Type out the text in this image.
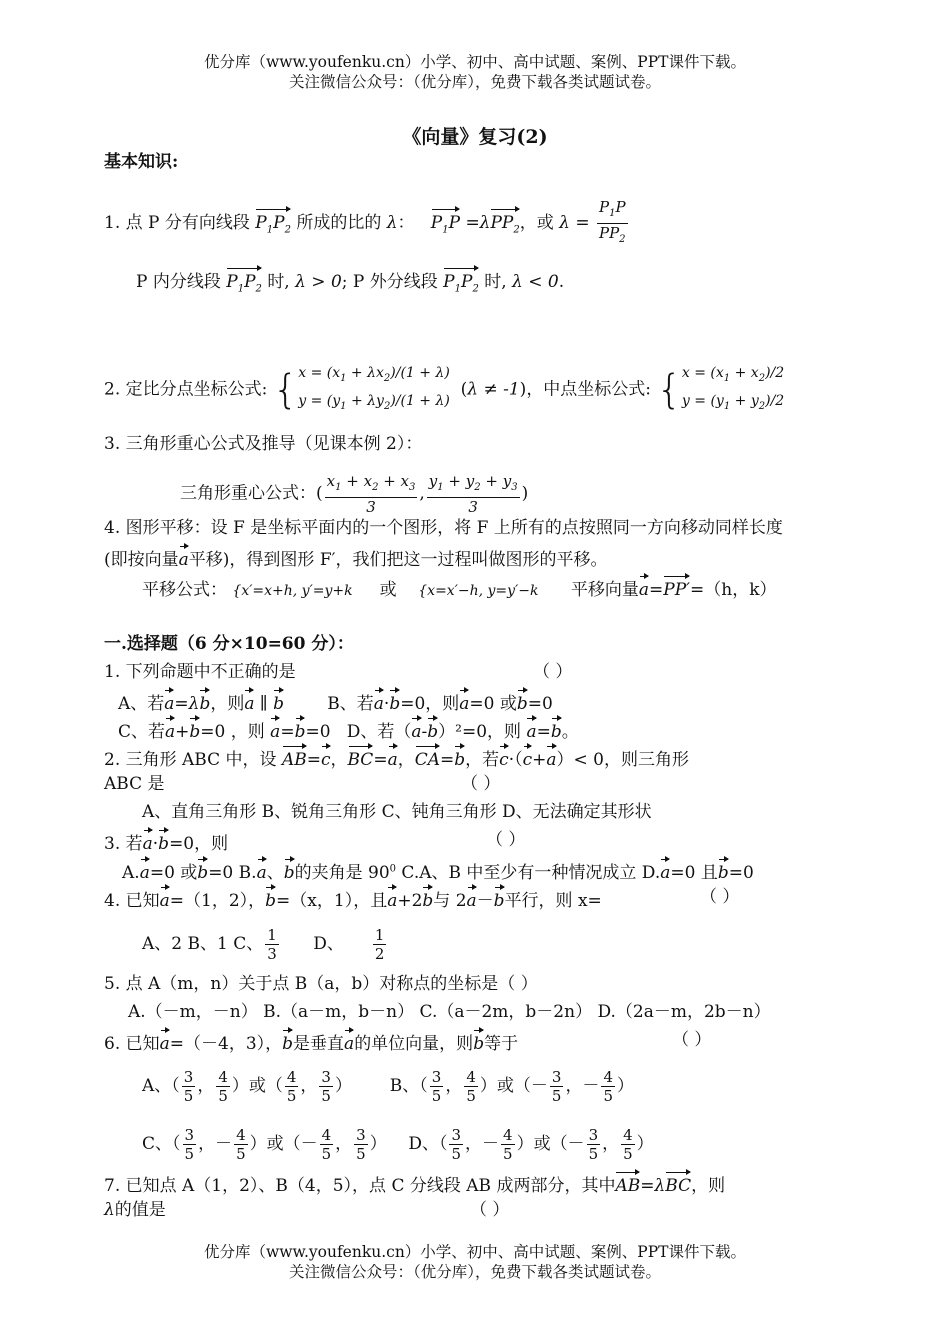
优分库（www.youfenku.cn）小学、初中、高中试题、案例、PPT课件下载。
关注微信公众号：（优分库），免费下载各类试题试卷。
《向量》复习(2)
基本知识:
1. 点 P 分有向线段 $P_1P_2$ 所成的比的 λ：   $P_1P =\lambda PP_2$，或 $\lambda = \frac{P_1P}{PP_2}$
P 内分线段 $P_1P_2$ 时, λ > 0; P 外分线段 $P_1P_2$ 时, λ < 0.
2. 定比分点坐标公式: {$x = (x_1 + \lambda x_2)/(1 + \lambda)$
$y = (y_1 + \lambda y_2)/(1 + \lambda) (\lambda \ne -1)$，中点坐标公式: {$x = (x_1 + x_2)/2$
$y = (y_1 + y_2)/2$
3. 三角形重心公式及推导（见课本例 2）：
三角形重心公式：( $\frac{x_1 + x_2 + x_3}{3}$ , $\frac{y_1 + y_2 + y_3}{3}$ )
4. 图形平移：设 F 是坐标平面内的一个图形，将 F 上所有的点按照同一方向移动同样长度
(即按向量a平移)，得到图形 F′，我们把这一过程叫做图形的平移。
平移公式： {x′=x+h, y′=y+k 或 {x=x′−h, y=y′−k 平移向量a=PP′=（h，k）
一.选择题（6 分×10=60 分）：
1. 下列命题中不正确的是	（ ）
A、若a=λb，则a ∥ b	B、若a·b=0，则a=0 或b=0
C、若a+b=0 ，则 a=b=0 D、若（a-b）²=0，则 a=b。
2. 三角形 ABC 中，设 AB=c，BC=a，CA=b，若c·（c+a）< 0，则三角形
ABC 是	（ ）
A、直角三角形 B、锐角三角形 C、钝角三角形 D、无法确定其形状
3. 若a·b=0，则	（ ）
A.a=0 或b=0 B.a、b的夹角是 $90^0$ C.A、B 中至少有一种情况成立 D.a=0 且b=0
4. 已知a=（1，2），b=（x，1），且a+2b与 2a－b平行，则 x=	（ ）
A、2 B、1 C、 $\frac{1}{3}$ D、 $\frac{1}{2}$
5. 点 A（m，n）关于点 B（a，b）对称点的坐标是（ ）
A.（－m，－n） B.（a－m，b－n） C.（a－2m，b－2n） D.（2a－m，2b－n）
6. 已知a=（－4，3），b是垂直a的单位向量，则b等于	（ ）
A、（ $\frac{3}{5}$ ， $\frac{4}{5}$ ）或（ $\frac{4}{5}$ ， $\frac{3}{5}$ ）       B、（ $\frac{3}{5}$ ， $\frac{4}{5}$ ）或（－ $\frac{3}{5}$ ，－ $\frac{4}{5}$ ）
C、（ $\frac{3}{5}$ ，－ $\frac{4}{5}$ ）或（－ $\frac{4}{5}$ ， $\frac{3}{5}$ ）    D、（ $\frac{3}{5}$ ，－ $\frac{4}{5}$ ）或（－ $\frac{3}{5}$ ， $\frac{4}{5}$ ）
7. 已知点 A（1，2）、B（4，5），点 C 分线段 AB 成两部分，其中AB=λBC，则
λ的值是	（ ）
优分库（www.youfenku.cn）小学、初中、高中试题、案例、PPT课件下载。
关注微信公众号：（优分库），免费下载各类试题试卷。
